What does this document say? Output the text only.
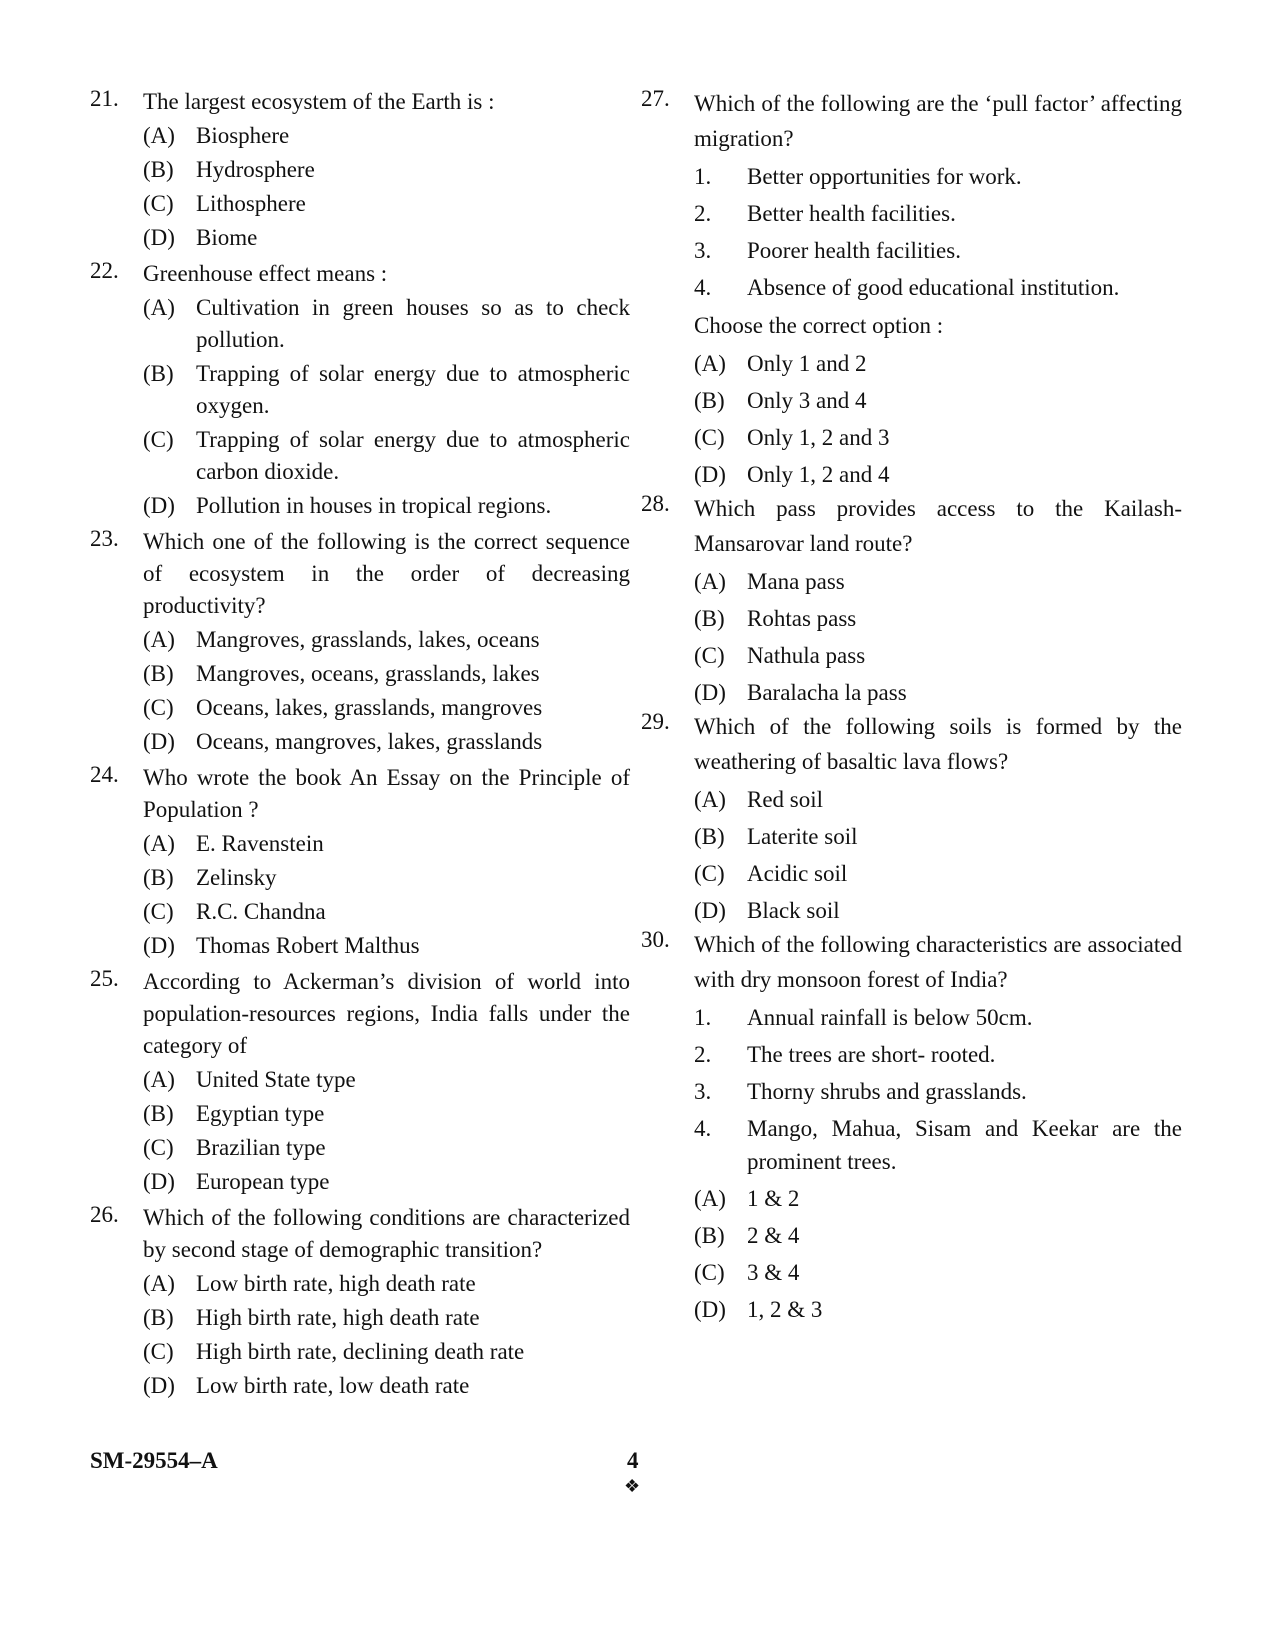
21. The largest ecosystem of the Earth is :
(A) Biosphere
(B) Hydrosphere
(C) Lithosphere
(D) Biome
22. Greenhouse effect means :
(A) Cultivation in green houses so as to check pollution.
(B) Trapping of solar energy due to atmospheric oxygen.
(C) Trapping of solar energy due to atmospheric carbon dioxide.
(D) Pollution in houses in tropical regions.
23. Which one of the following is the correct sequence of ecosystem in the order of decreasing productivity?
(A) Mangroves, grasslands, lakes, oceans
(B) Mangroves, oceans, grasslands, lakes
(C) Oceans, lakes, grasslands, mangroves
(D) Oceans, mangroves, lakes, grasslands
24. Who wrote the book An Essay on the Principle of Population ?
(A) E. Ravenstein
(B) Zelinsky
(C) R.C. Chandna
(D) Thomas Robert Malthus
25. According to Ackerman’s division of world into population-resources regions, India falls under the category of
(A) United State type
(B) Egyptian type
(C) Brazilian type
(D) European type
26. Which of the following conditions are characterized by second stage of demographic transition?
(A) Low birth rate, high death rate
(B) High birth rate, high death rate
(C) High birth rate, declining death rate
(D) Low birth rate, low death rate
27. Which of the following are the ‘pull factor’ affecting migration?
1. Better opportunities for work.
2. Better health facilities.
3. Poorer health facilities.
4. Absence of good educational institution.
Choose the correct option :
(A) Only 1 and 2
(B) Only 3 and 4
(C) Only 1, 2 and 3
(D) Only 1, 2 and 4
28. Which pass provides access to the Kailash-Mansarovar land route?
(A) Mana pass
(B) Rohtas pass
(C) Nathula pass
(D) Baralacha la pass
29. Which of the following soils is formed by the weathering of basaltic lava flows?
(A) Red soil
(B) Laterite soil
(C) Acidic soil
(D) Black soil
30. Which of the following characteristics are associated with dry monsoon forest of India?
1. Annual rainfall is below 50cm.
2. The trees are short- rooted.
3. Thorny shrubs and grasslands.
4. Mango, Mahua, Sisam and Keekar are the prominent trees.
(A) 1 & 2
(B) 2 & 4
(C) 3 & 4
(D) 1, 2 & 3
SM-29554–A	4
❖
